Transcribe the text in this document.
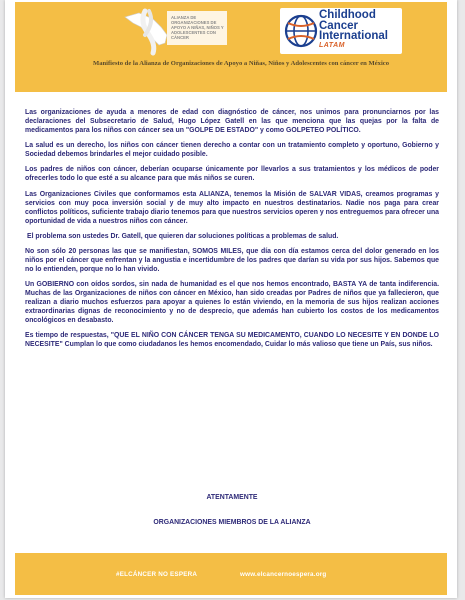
ALIANZA DE ORGANIZACIONES DE APOYO A NIÑAS, NIÑOS Y ADOLESCENTES CON CÁNCER
Childhood Cancer International
LATAM
Manifiesto de la Alianza de Organizaciones de Apoyo a Niñas, Niños y Adolescentes con cáncer en México

Las organizaciones de ayuda a menores de edad con diagnóstico de cáncer, nos unimos para pronunciarnos por las declaraciones del Subsecretario de Salud, Hugo López Gatell en las que menciona que las quejas por la falta de medicamentos para los niños con cáncer sea un "GOLPE DE ESTADO" y como GOLPETEO POLÍTICO.

La salud es un derecho, los niños con cáncer tienen derecho a contar con un tratamiento completo y oportuno, Gobierno y Sociedad debemos brindarles el mejor cuidado posible.

Los padres de niños con cáncer, deberían ocuparse únicamente por llevarlos a sus tratamientos y los médicos de poder ofrecerles todo lo que esté a su alcance para que más niños se curen.

Las Organizaciones Civiles que conformamos esta ALIANZA, tenemos la Misión de SALVAR VIDAS, creamos programas y servicios con muy poca inversión social y de muy alto impacto en nuestros destinatarios. Nadie nos paga para crear conflictos políticos, suficiente trabajo diario tenemos para que nuestros servicios operen y nos entreguemos para ofrecer una oportunidad de vida a nuestros niños con cáncer.

El problema son ustedes Dr. Gatell, que quieren dar soluciones políticas a problemas de salud.

No son sólo 20 personas las que se manifiestan, SOMOS MILES, que día con día estamos cerca del dolor generado en los niños por el cáncer que enfrentan y la angustia e incertidumbre de los padres que darían su vida por sus hijos. Sabemos que no lo entienden, porque no lo han vivido.

Un GOBIERNO con oídos sordos, sin nada de humanidad es el que nos hemos encontrado, BASTA YA de tanta indiferencia. Muchas de las Organizaciones de niños con cáncer en México, han sido creadas por Padres de niños que ya fallecieron, que realizan a diario muchos esfuerzos para apoyar a quienes lo están viviendo, en la memoria de sus hijos realizan acciones extraordinarias dignas de reconocimiento y no de desprecio, que además han cubierto los costos de los medicamentos oncológicos en desabasto.

Es tiempo de respuestas, "QUE EL NIÑO CON CÁNCER TENGA SU MEDICAMENTO, CUANDO LO NECESITE Y EN DONDE LO NECESITE" Cumplan lo que como ciudadanos les hemos encomendado, Cuidar lo más valioso que tiene un País, sus niños.

ATENTAMENTE
ORGANIZACIONES MIEMBROS DE LA ALIANZA
#ELCÁNCER NO ESPERA	www.elcancernoespera.org
